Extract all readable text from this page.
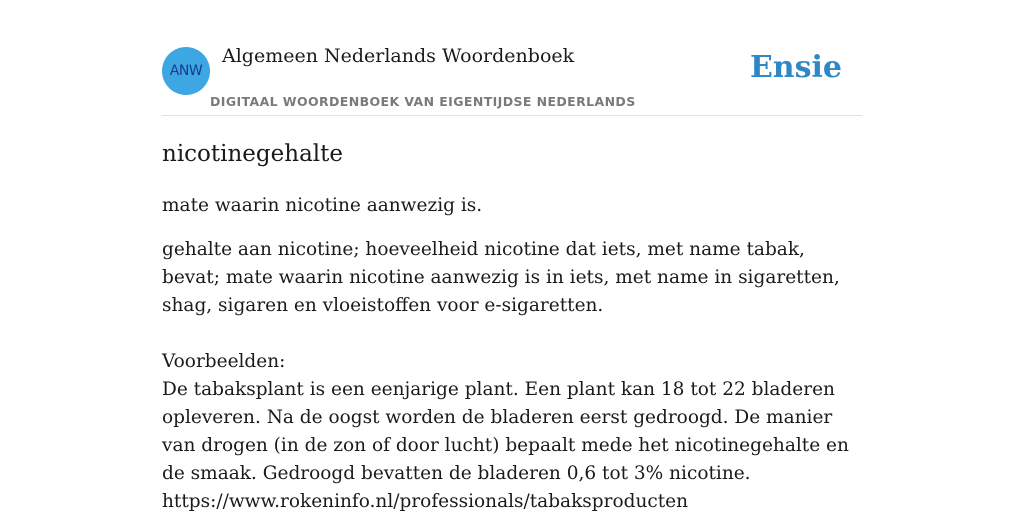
ANW
Algemeen Nederlands Woordenboek
DIGITAAL WOORDENBOEK VAN EIGENTIJDSE NEDERLANDS
Ensie
nicotinegehalte

mate waarin nicotine aanwezig is.

gehalte aan nicotine; hoeveelheid nicotine dat iets, met name tabak, bevat; mate waarin nicotine aanwezig is in iets, met name in sigaretten, shag, sigaren en vloeistoffen voor e-sigaretten.

Voorbeelden:

De tabaksplant is een eenjarige plant. Een plant kan 18 tot 22 bladeren opleveren. Na de oogst worden de bladeren eerst gedroogd. De manier van drogen (in de zon of door lucht) bepaalt mede het nicotinegehalte en de smaak. Gedroogd bevatten de bladeren 0,6 tot 3% nicotine.

https://www.rokeninfo.nl/professionals/tabaksproducten
